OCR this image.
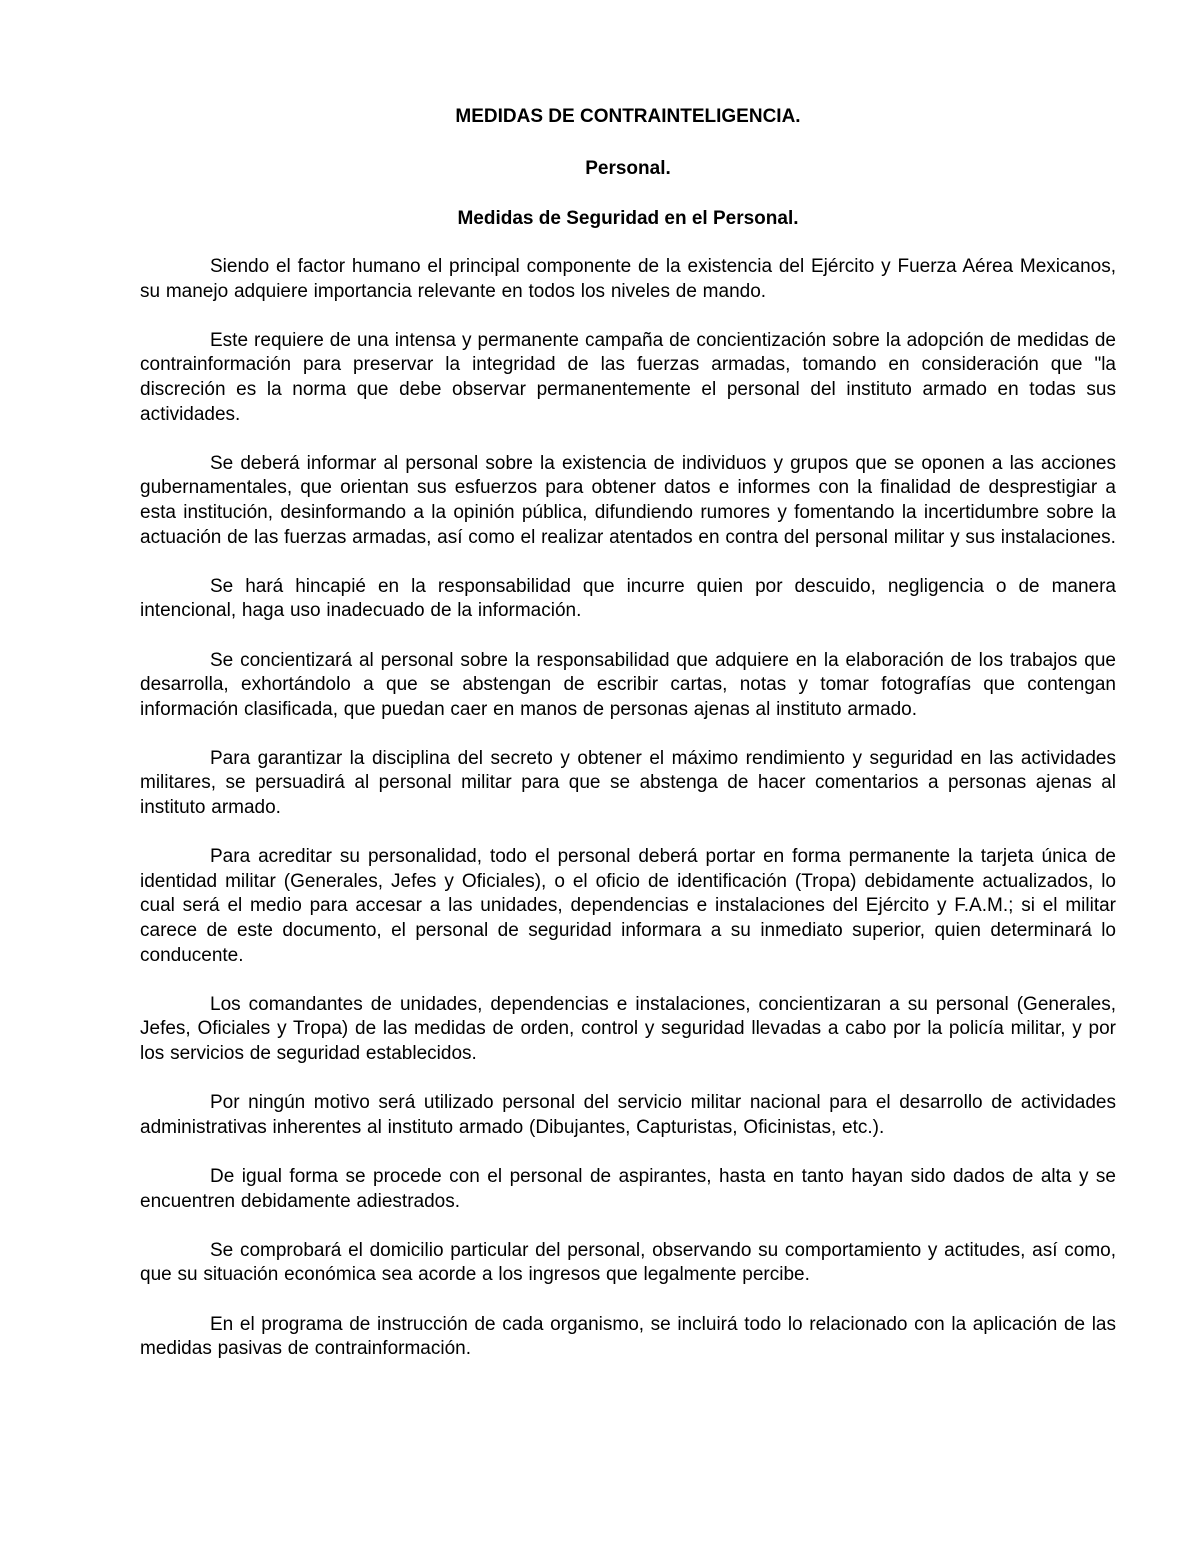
MEDIDAS DE CONTRAINTELIGENCIA.
Personal.
Medidas de Seguridad en el Personal.

Siendo el factor humano el principal componente de la existencia del Ejército y Fuerza Aérea Mexicanos, su manejo adquiere importancia relevante en todos los niveles de mando.

Este requiere de una intensa y permanente campaña de concientización sobre la adopción de medidas de contrainformación para preservar la integridad de las fuerzas armadas, tomando en consideración que "la discreción es la norma que debe observar permanentemente el personal del instituto armado en todas sus actividades.

Se deberá informar al personal sobre la existencia de individuos y grupos que se oponen a las acciones gubernamentales, que orientan sus esfuerzos para obtener datos e informes con la finalidad de desprestigiar a esta institución, desinformando a la opinión pública, difundiendo rumores y fomentando la incertidumbre sobre la actuación de las fuerzas armadas, así como el realizar atentados en contra del personal militar y sus instalaciones.

Se hará hincapié en la responsabilidad que incurre quien por descuido, negligencia o de manera intencional, haga uso inadecuado de la información.

Se concientizará al personal sobre la responsabilidad que adquiere en la elaboración de los trabajos que desarrolla, exhortándolo a que se abstengan de escribir cartas, notas y tomar fotografías que contengan información clasificada, que puedan caer en manos de personas ajenas al instituto armado.

Para garantizar la disciplina del secreto y obtener el máximo rendimiento y seguridad en las actividades militares, se persuadirá al personal militar para que se abstenga de hacer comentarios a personas ajenas al instituto armado.

Para acreditar su personalidad, todo el personal deberá portar en forma permanente la tarjeta única de identidad militar (Generales, Jefes y Oficiales), o el oficio de identificación (Tropa) debidamente actualizados, lo cual será el medio para accesar a las unidades, dependencias e instalaciones del Ejército y F.A.M.; si el militar carece de este documento, el personal de seguridad informara a su inmediato superior, quien determinará lo conducente.

Los comandantes de unidades, dependencias e instalaciones, concientizaran a su personal (Generales, Jefes, Oficiales y Tropa) de las medidas de orden, control y seguridad llevadas a cabo por la policía militar, y por los servicios de seguridad establecidos.

Por ningún motivo será utilizado personal del servicio militar nacional para el desarrollo de actividades administrativas inherentes al instituto armado (Dibujantes, Capturistas, Oficinistas, etc.).

De igual forma se procede con el personal de aspirantes, hasta en tanto hayan sido dados de alta y se encuentren debidamente adiestrados.

Se comprobará el domicilio particular del personal, observando su comportamiento y actitudes, así como, que su situación económica sea acorde a los ingresos que legalmente percibe.

En el programa de instrucción de cada organismo, se incluirá todo lo relacionado con la aplicación de las medidas pasivas de contrainformación.
